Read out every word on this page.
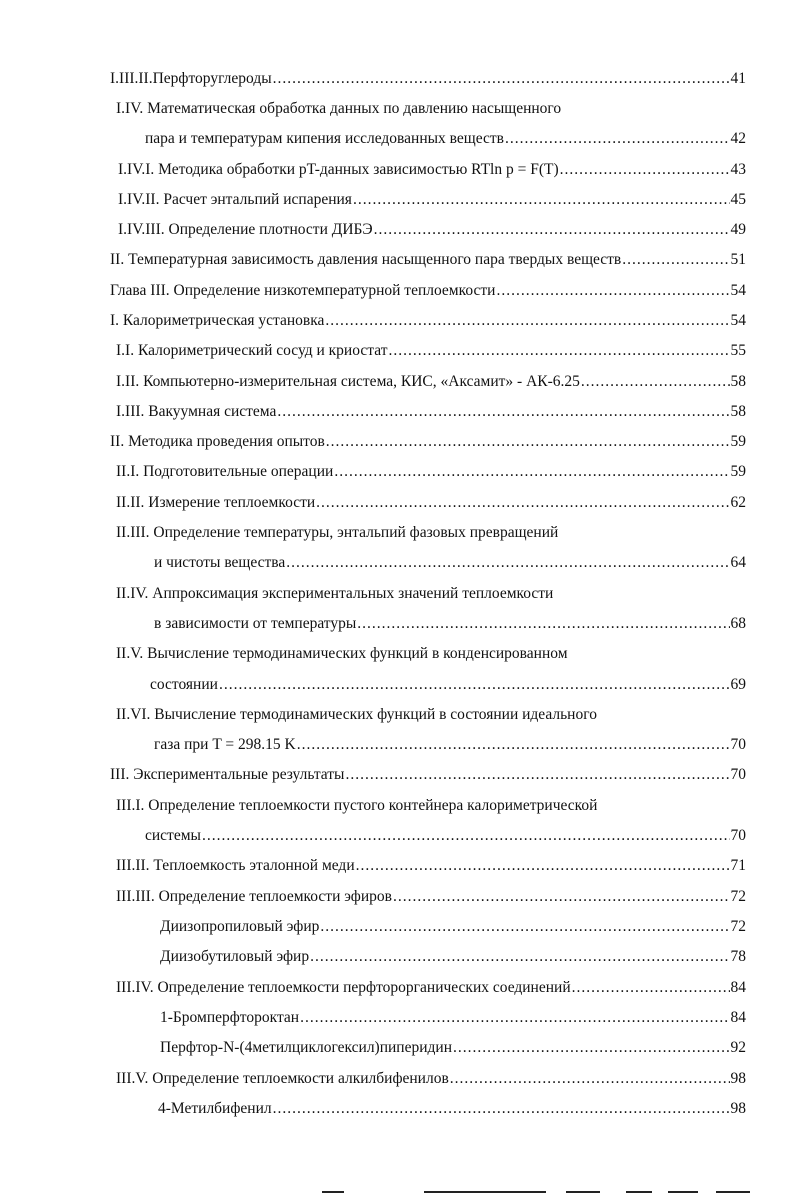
I.III.II.Перфторуглероды .....	41
I.IV. Математическая обработка данных по давлению насыщенного
пара и температурам кипения исследованных веществ .....	42
I.IV.I. Методика обработки pT-данных зависимостью RTln p = F(T) .....	43
I.IV.II. Расчет энтальпий испарения .....	45
I.IV.III. Определение плотности ДИБЭ .....	49
II. Температурная зависимость давления насыщенного пара твердых веществ .....	51
Глава III. Определение низкотемпературной теплоемкости .....	54
I. Калориметрическая установка .....	54
I.I. Калориметрический сосуд и криостат .....	55
I.II. Компьютерно-измерительная система, КИС, «Аксамит» - АК-6.25 .....	58
I.III. Вакуумная система .....	58
II. Методика проведения опытов .....	59
II.I. Подготовительные операции .....	59
II.II. Измерение теплоемкости .....	62
II.III. Определение температуры, энтальпий фазовых превращений
и чистоты вещества .....	64
II.IV. Аппроксимация экспериментальных значений теплоемкости
в зависимости от температуры .....	68
II.V. Вычисление термодинамических функций в конденсированном
состоянии .....	69
II.VI. Вычисление термодинамических функций в состоянии идеального
газа при T = 298.15 K .....	70
III. Экспериментальные результаты .....	70
III.I. Определение теплоемкости пустого контейнера калориметрической
системы .....	70
III.II. Теплоемкость эталонной меди .....	71
III.III. Определение теплоемкости эфиров .....	72
Диизопропиловый эфир .....	72
Диизобутиловый эфир .....	78
III.IV. Определение теплоемкости перфторорганических соединений .....	84
1-Бромперфтороктан .....	84
Перфтор-N-(4метилциклогексил)пиперидин .....	92
III.V. Определение теплоемкости алкилбифенилов .....	98
4-Метилбифенил .....	98
